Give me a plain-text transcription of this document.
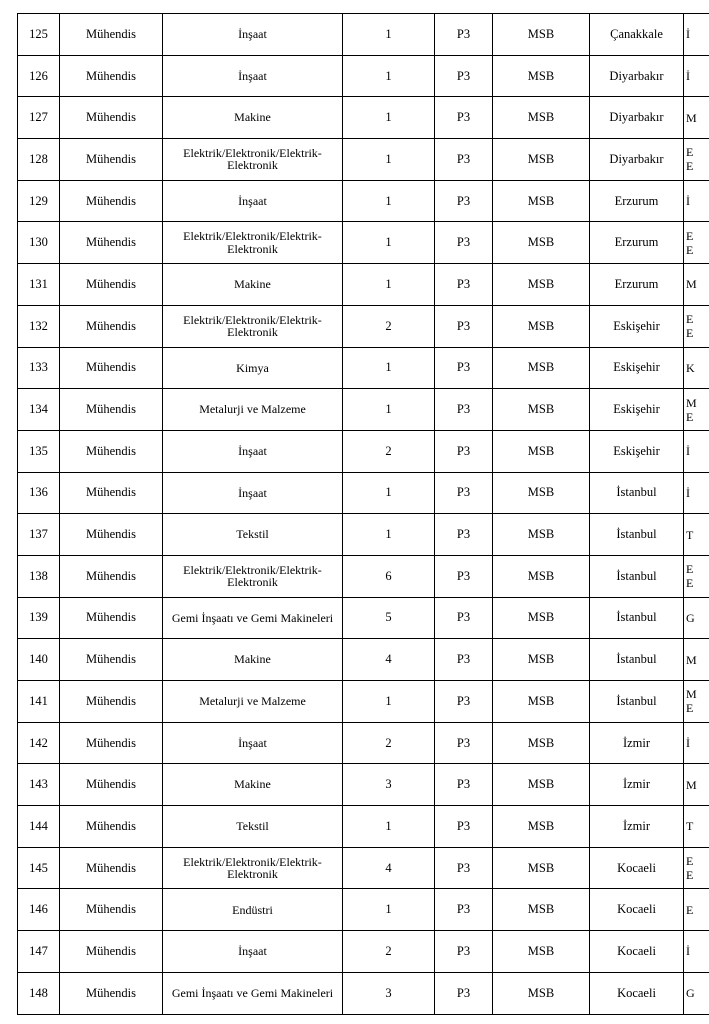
125	Mühendis	İnşaat	1	P3	MSB	Çanakkale	İ
126	Mühendis	İnşaat	1	P3	MSB	Diyarbakır	İ
127	Mühendis	Makine	1	P3	MSB	Diyarbakır	M
128	Mühendis	Elektrik/Elektronik/Elektrik-Elektronik	1	P3	MSB	Diyarbakır	E
E
129	Mühendis	İnşaat	1	P3	MSB	Erzurum	İ
130	Mühendis	Elektrik/Elektronik/Elektrik-Elektronik	1	P3	MSB	Erzurum	E
E
131	Mühendis	Makine	1	P3	MSB	Erzurum	M
132	Mühendis	Elektrik/Elektronik/Elektrik-Elektronik	2	P3	MSB	Eskişehir	E
E
133	Mühendis	Kimya	1	P3	MSB	Eskişehir	K
134	Mühendis	Metalurji ve Malzeme	1	P3	MSB	Eskişehir	M
E
135	Mühendis	İnşaat	2	P3	MSB	Eskişehir	İ
136	Mühendis	İnşaat	1	P3	MSB	İstanbul	İ
137	Mühendis	Tekstil	1	P3	MSB	İstanbul	T
138	Mühendis	Elektrik/Elektronik/Elektrik-Elektronik	6	P3	MSB	İstanbul	E
E
139	Mühendis	Gemi İnşaatı ve Gemi Makineleri	5	P3	MSB	İstanbul	G
140	Mühendis	Makine	4	P3	MSB	İstanbul	M
141	Mühendis	Metalurji ve Malzeme	1	P3	MSB	İstanbul	M
E
142	Mühendis	İnşaat	2	P3	MSB	İzmir	İ
143	Mühendis	Makine	3	P3	MSB	İzmir	M
144	Mühendis	Tekstil	1	P3	MSB	İzmir	T
145	Mühendis	Elektrik/Elektronik/Elektrik-Elektronik	4	P3	MSB	Kocaeli	E
E
146	Mühendis	Endüstri	1	P3	MSB	Kocaeli	E
147	Mühendis	İnşaat	2	P3	MSB	Kocaeli	İ
148	Mühendis	Gemi İnşaatı ve Gemi Makineleri	3	P3	MSB	Kocaeli	G
